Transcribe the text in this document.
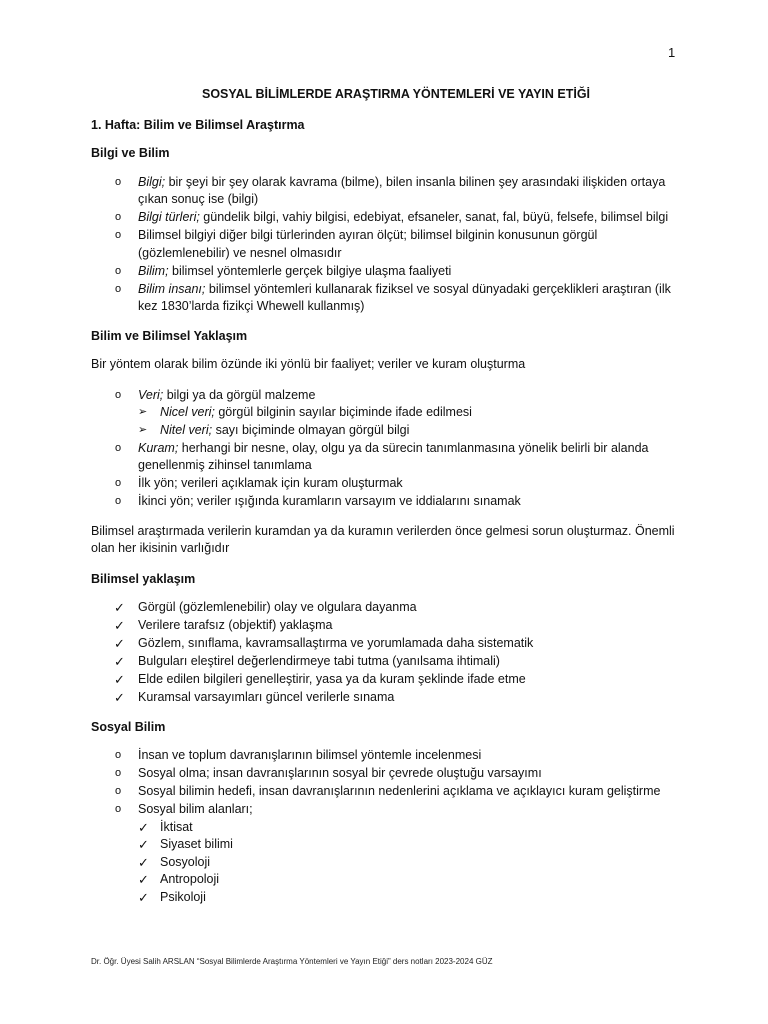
1
SOSYAL BİLİMLERDE ARAŞTIRMA YÖNTEMLERİ VE YAYIN ETİĞİ
1. Hafta: Bilim ve Bilimsel Araştırma
Bilgi ve Bilim
o	Bilgi; bir şeyi bir şey olarak kavrama (bilme), bilen insanla bilinen şey arasındaki ilişkiden ortaya çıkan sonuç ise (bilgi)
o	Bilgi türleri; gündelik bilgi, vahiy bilgisi, edebiyat, efsaneler, sanat, fal, büyü, felsefe, bilimsel bilgi
o	Bilimsel bilgiyi diğer bilgi türlerinden ayıran ölçüt; bilimsel bilginin konusunun görgül (gözlemlenebilir) ve nesnel olmasıdır
o	Bilim; bilimsel yöntemlerle gerçek bilgiye ulaşma faaliyeti
o	Bilim insanı; bilimsel yöntemleri kullanarak fiziksel ve sosyal dünyadaki gerçeklikleri araştıran (ilk kez 1830’larda fizikçi Whewell kullanmış)
Bilim ve Bilimsel Yaklaşım
Bir yöntem olarak bilim özünde iki yönlü bir faaliyet; veriler ve kuram oluşturma
o	Veri; bilgi ya da görgül malzeme
➢	Nicel veri; görgül bilginin sayılar biçiminde ifade edilmesi
➢	Nitel veri; sayı biçiminde olmayan görgül bilgi
o	Kuram; herhangi bir nesne, olay, olgu ya da sürecin tanımlanmasına yönelik belirli bir alanda genellenmiş zihinsel tanımlama
o	İlk yön; verileri açıklamak için kuram oluşturmak
o	İkinci yön; veriler ışığında kuramların varsayım ve iddialarını sınamak
Bilimsel araştırmada verilerin kuramdan ya da kuramın verilerden önce gelmesi sorun oluşturmaz. Önemli olan her ikisinin varlığıdır
Bilimsel yaklaşım
✓	Görgül (gözlemlenebilir) olay ve olgulara dayanma
✓	Verilere tarafsız (objektif) yaklaşma
✓	Gözlem, sınıflama, kavramsallaştırma ve yorumlamada daha sistematik
✓	Bulguları eleştirel değerlendirmeye tabi tutma (yanılsama ihtimali)
✓	Elde edilen bilgileri genelleştirir, yasa ya da kuram şeklinde ifade etme
✓	Kuramsal varsayımları güncel verilerle sınama
Sosyal Bilim
o	İnsan ve toplum davranışlarının bilimsel yöntemle incelenmesi
o	Sosyal olma; insan davranışlarının sosyal bir çevrede oluştuğu varsayımı
o	Sosyal bilimin hedefi, insan davranışlarının nedenlerini açıklama ve açıklayıcı kuram geliştirme
o	Sosyal bilim alanları;
✓ İktisat
✓ Siyaset bilimi
✓ Sosyoloji
✓ Antropoloji
✓ Psikoloji
Dr. Öğr. Üyesi Salih ARSLAN “Sosyal Bilimlerde Araştırma Yöntemleri ve Yayın Etiği” ders notları 2023-2024 GÜZ
